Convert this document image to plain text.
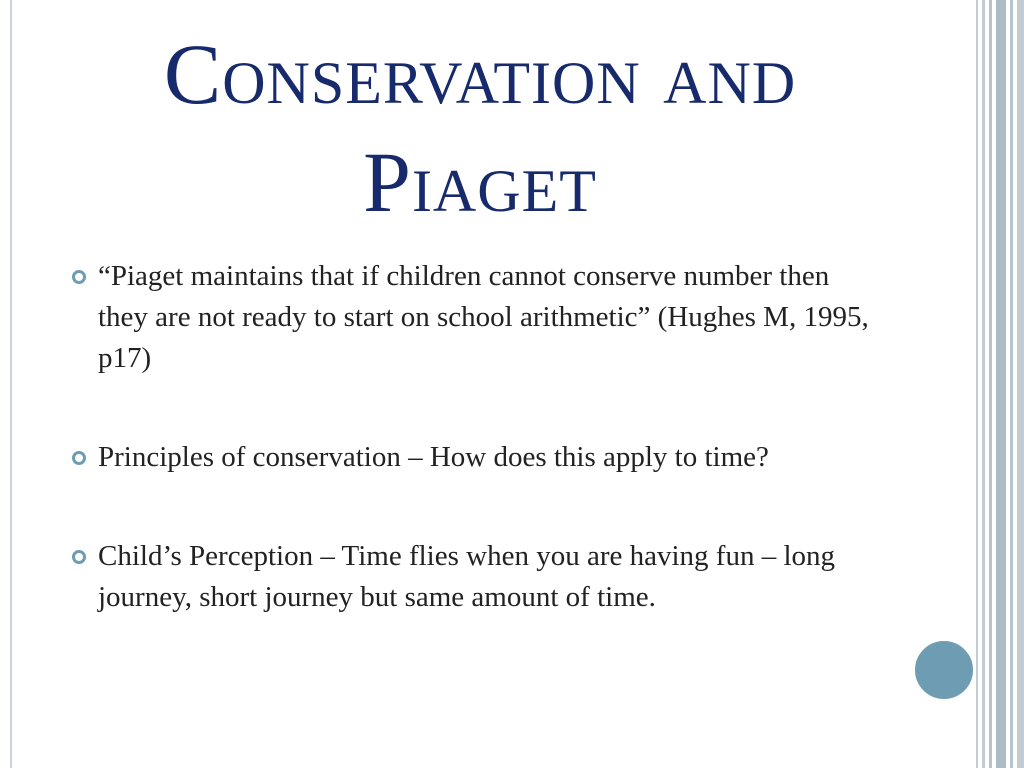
Conservation and
Piaget
“Piaget maintains that if children cannot conserve number then they are not ready to start on school arithmetic” (Hughes M, 1995, p17)
Principles of conservation – How does this apply to time?
Child’s Perception – Time flies when you are having fun – long journey, short journey but same amount of time.
